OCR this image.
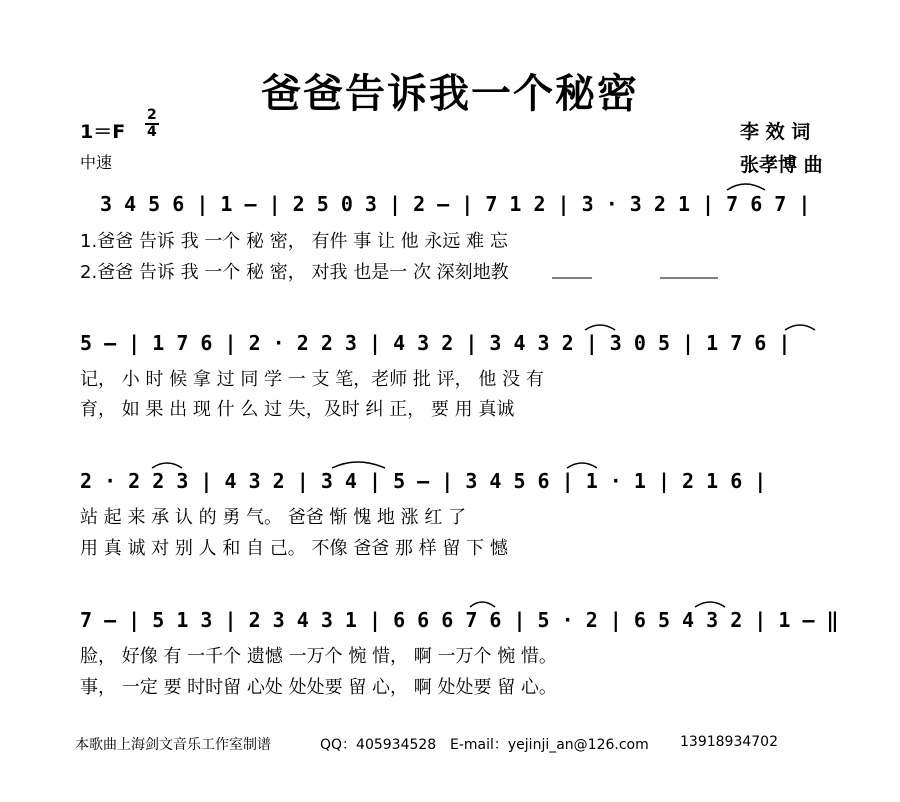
爸爸告诉我一个秘密
1＝F
2
4
中速
李 效 词
张孝博 曲
3 4 5 6 | 1 – | 2 5 0 3 | 2 – | 7 1 2 | 3 · 3 2 1 | 7 6 7 |
1.爸爸 告诉 我 一个 秘 密， 有件 事 让 他 永远 难 忘
2.爸爸 告诉 我 一个 秘 密， 对我 也是一 次 深刻地教
5 – | 1 7 6 | 2 · 2 2 3 | 4 3 2 | 3 4 3 2 | 3 0 5 | 1 7 6 |
记， 小 时 候 拿 过 同 学 一 支 笔，老师 批 评， 他 没 有
育， 如 果 出 现 什 么 过 失，及时 纠 正， 要 用 真诚
2 · 2 2 3 | 4 3 2 | 3 4 | 5 – | 3 4 5 6 | 1 · 1 | 2 1 6 |
站 起 来 承 认 的 勇 气。 爸爸 惭 愧 地 涨 红 了
用 真 诚 对 别 人 和 自 己。 不像 爸爸 那 样 留 下 憾
7 – | 5 1 3 | 2 3 4 3 1 | 6 6 6 7 6 | 5 · 2 | 6 5 4 3 2 | 1 – ‖
脸， 好像 有 一千个 遗憾 一万个 惋 惜， 啊 一万个 惋 惜。
事， 一定 要 时时留 心处 处处要 留 心， 啊 处处要 留 心。
本歌曲上海剑文音乐工作室制谱	QQ：405934528 E-mail：yejinji_an@126.com 13918934702
